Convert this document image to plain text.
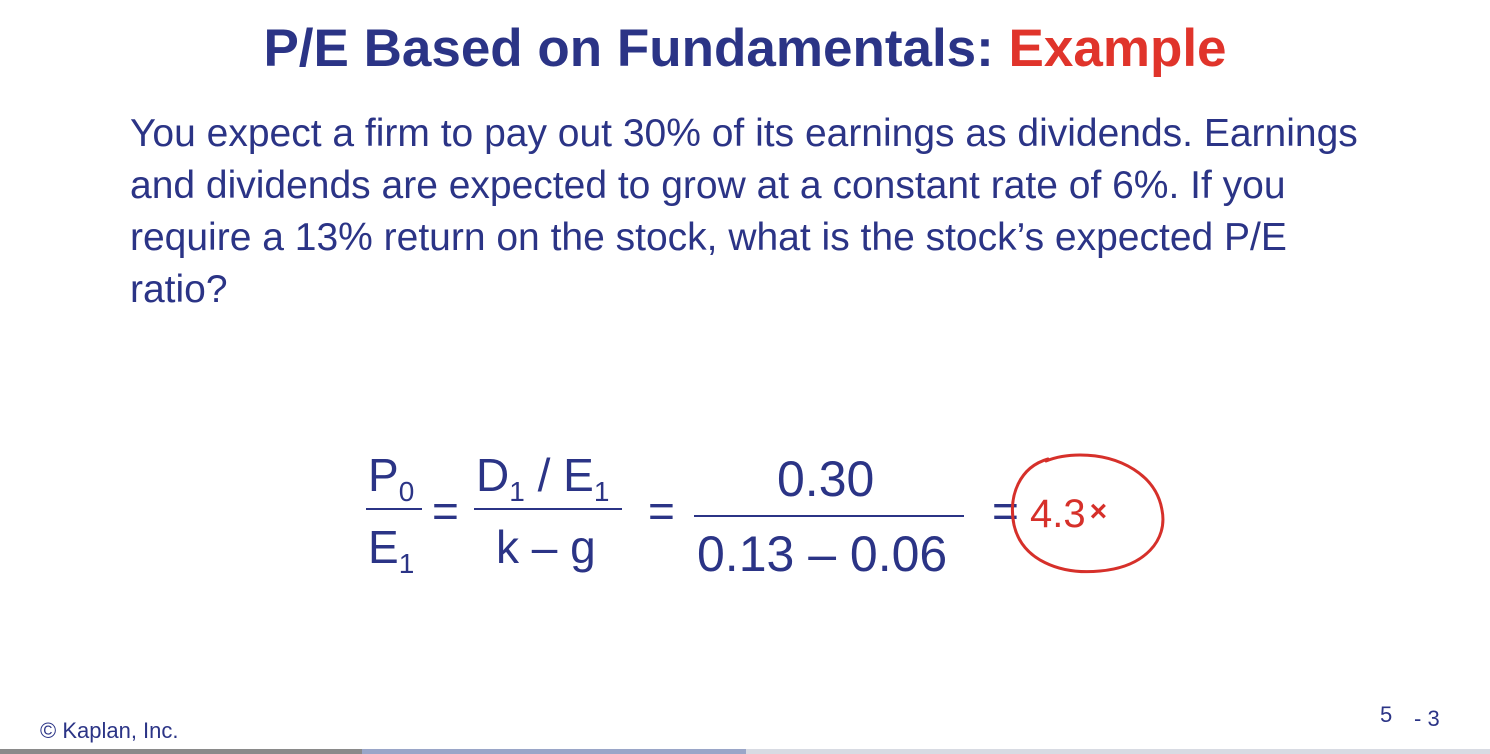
P/E Based on Fundamentals: Example
You expect a firm to pay out 30% of its earnings as dividends. Earnings and dividends are expected to grow at a constant rate of 6%. If you require a 13% return on the stock, what is the stock’s expected P/E ratio?
$P_0$
$E_1$
=
$D_1 / E_1$
k – g
=
0.30
0.13 – 0.06
= 4.3 ×
© Kaplan, Inc.
5 - 3
